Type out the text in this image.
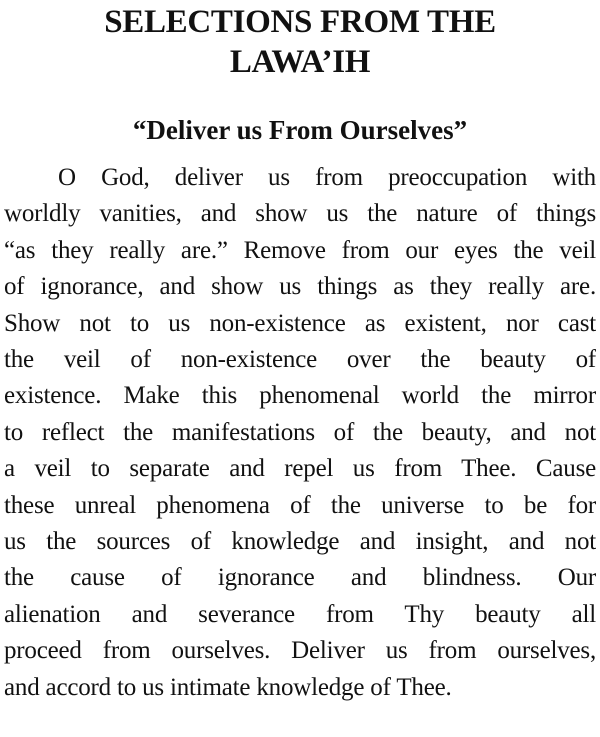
SELECTIONS FROM THE
LAWA’IH
“Deliver us From Ourselves”

O God, deliver us from preoccupation with
worldly vanities, and show us the nature of things
“as they really are.” Remove from our eyes the veil
of ignorance, and show us things as they really are.
Show not to us non-existence as existent, nor cast
the veil of non-existence over the beauty of
existence. Make this phenomenal world the mirror
to reflect the manifestations of the beauty, and not
a veil to separate and repel us from Thee. Cause
these unreal phenomena of the universe to be for
us the sources of knowledge and insight, and not
the cause of ignorance and blindness. Our
alienation and severance from Thy beauty all
proceed from ourselves. Deliver us from ourselves,
and accord to us intimate knowledge of Thee.
